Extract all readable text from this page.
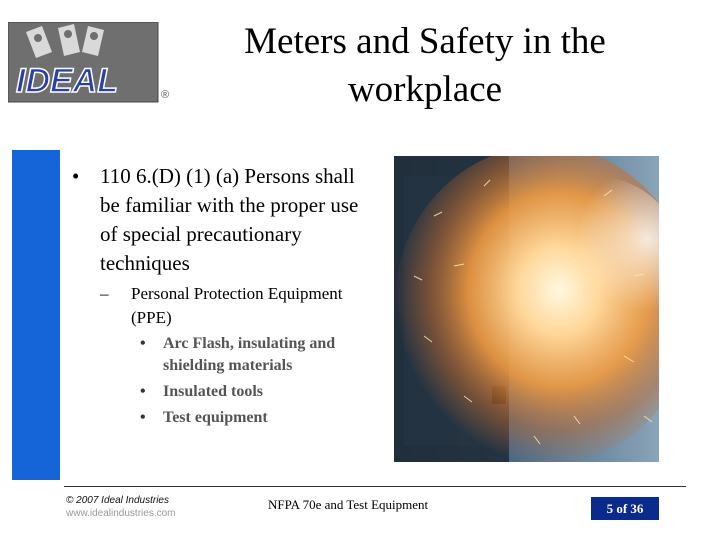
IDEAL	®
Meters and Safety in the workplace
• 110 6.(D) (1) (a) Persons shall be familiar with the proper use of special precautionary techniques
–	Personal Protection Equipment (PPE)
•	Arc Flash, insulating and shielding materials
•	Insulated tools
•	Test equipment
© 2007 Ideal Industries
www.idealindustries.com
NFPA 70e and Test Equipment	5 of 36
